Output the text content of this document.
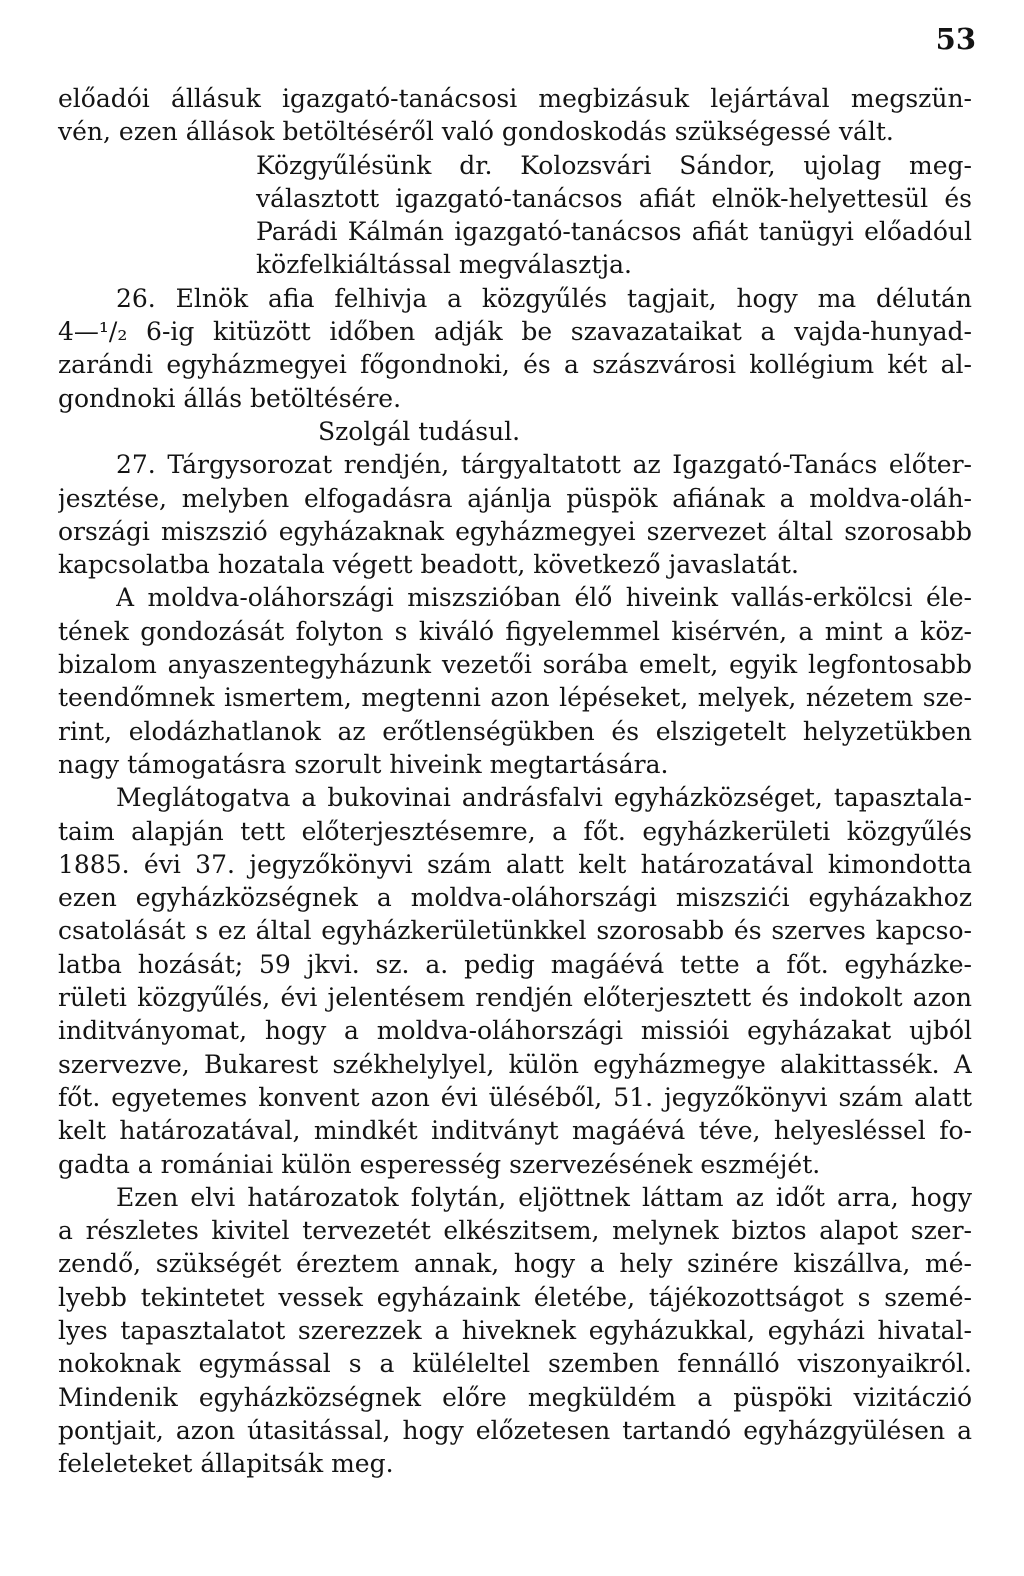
53
előadói állásuk igazgató-tanácsosi megbizásuk lejártával megszün-
vén, ezen állások betöltéséről való gondoskodás szükségessé vált.
Közgyűlésünk dr. Kolozsvári Sándor, ujolag meg-
választott igazgató-tanácsos afiát elnök-helyettesül és
Parádi Kálmán igazgató-tanácsos afiát tanügyi előadóul
közfelkiáltással megválasztja.
26. Elnök afia felhivja a közgyűlés tagjait, hogy ma délután
4—¹/₂ 6-ig kitüzött időben adják be szavazataikat a vajda-hunyad-
zarándi egyházmegyei főgondnoki, és a szászvárosi kollégium két al-
gondnoki állás betöltésére.
Szolgál tudásul.
27. Tárgysorozat rendjén, tárgyaltatott az Igazgató-Tanács előter-
jesztése, melyben elfogadásra ajánlja püspök afiának a moldva-oláh-
országi miszszió egyházaknak egyházmegyei szervezet által szorosabb
kapcsolatba hozatala végett beadott, következő javaslatát.
A moldva-oláhországi miszszióban élő hiveink vallás-erkölcsi éle-
tének gondozását folyton s kiváló figyelemmel kisérvén, a mint a köz-
bizalom anyaszentegyházunk vezetői sorába emelt, egyik legfontosabb
teendőmnek ismertem, megtenni azon lépéseket, melyek, nézetem sze-
rint, elodázhatlanok az erőtlenségükben és elszigetelt helyzetükben
nagy támogatásra szorult hiveink megtartására.
Meglátogatva a bukovinai andrásfalvi egyházközséget, tapasztala-
taim alapján tett előterjesztésemre, a főt. egyházkerületi közgyűlés
1885. évi 37. jegyzőkönyvi szám alatt kelt határozatával kimondotta
ezen egyházközségnek a moldva-oláhországi miszszići egyházakhoz
csatolását s ez által egyházkerületünkkel szorosabb és szerves kapcso-
latba hozását; 59 jkvi. sz. a. pedig magáévá tette a főt. egyházke-
rületi közgyűlés, évi jelentésem rendjén előterjesztett és indokolt azon
inditványomat, hogy a moldva-oláhországi missiói egyházakat ujból
szervezve, Bukarest székhelylyel, külön egyházmegye alakittassék. A
főt. egyetemes konvent azon évi üléséből, 51. jegyzőkönyvi szám alatt
kelt határozatával, mindkét inditványt magáévá téve, helyesléssel fo-
gadta a romániai külön esperesség szervezésének eszméjét.
Ezen elvi határozatok folytán, eljöttnek láttam az időt arra, hogy
a részletes kivitel tervezetét elkészitsem, melynek biztos alapot szer-
zendő, szükségét éreztem annak, hogy a hely szinére kiszállva, mé-
lyebb tekintetet vessek egyházaink életébe, tájékozottságot s szemé-
lyes tapasztalatot szerezzek a hiveknek egyházukkal, egyházi hivatal-
nokoknak egymással s a küléleltel szemben fennálló viszonyaikról.
Mindenik egyházközségnek előre megküldém a püspöki vizitáczió
pontjait, azon útasitással, hogy előzetesen tartandó egyházgyülésen a
feleleteket állapitsák meg.
